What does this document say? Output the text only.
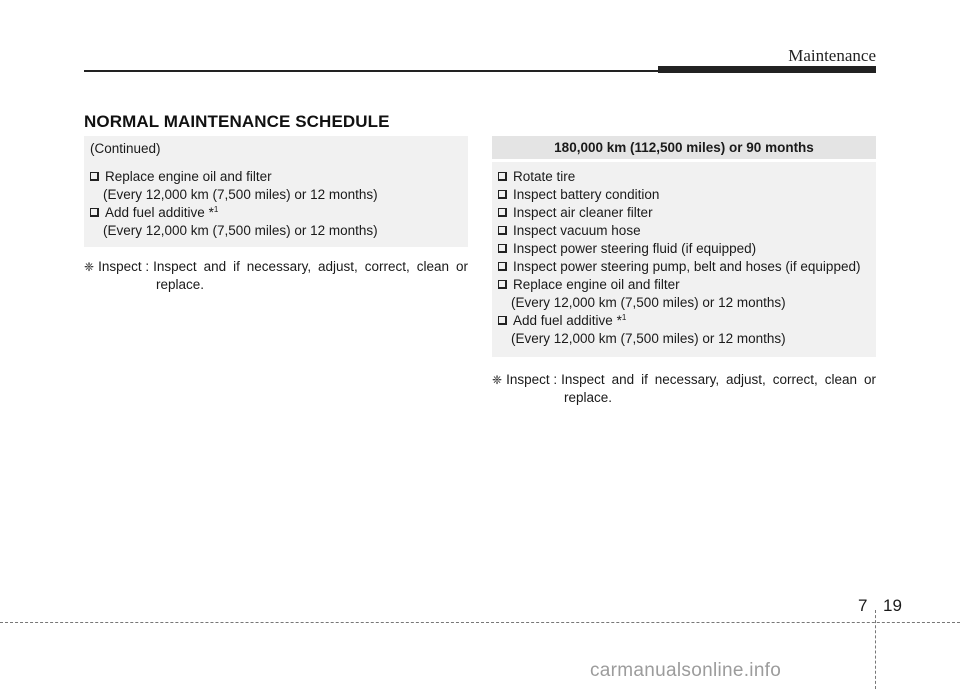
Maintenance
NORMAL MAINTENANCE SCHEDULE
(Continued)
Replace engine oil and filter
(Every 12,000 km (7,500 miles) or 12 months)
Add fuel additive *$^1$
(Every 12,000 km (7,500 miles) or 12 months)
❈ Inspect : Inspect and if necessary, adjust, correct, clean or
replace.
180,000 km (112,500 miles) or 90 months
Rotate tire
Inspect battery condition
Inspect air cleaner filter
Inspect vacuum hose
Inspect power steering fluid (if equipped)
Inspect power steering pump, belt and hoses (if equipped)
Replace engine oil and filter
(Every 12,000 km (7,500 miles) or 12 months)
Add fuel additive *$^1$
(Every 12,000 km (7,500 miles) or 12 months)
❈ Inspect : Inspect and if necessary, adjust, correct, clean or
replace.
7 19
carmanualsonline.info
